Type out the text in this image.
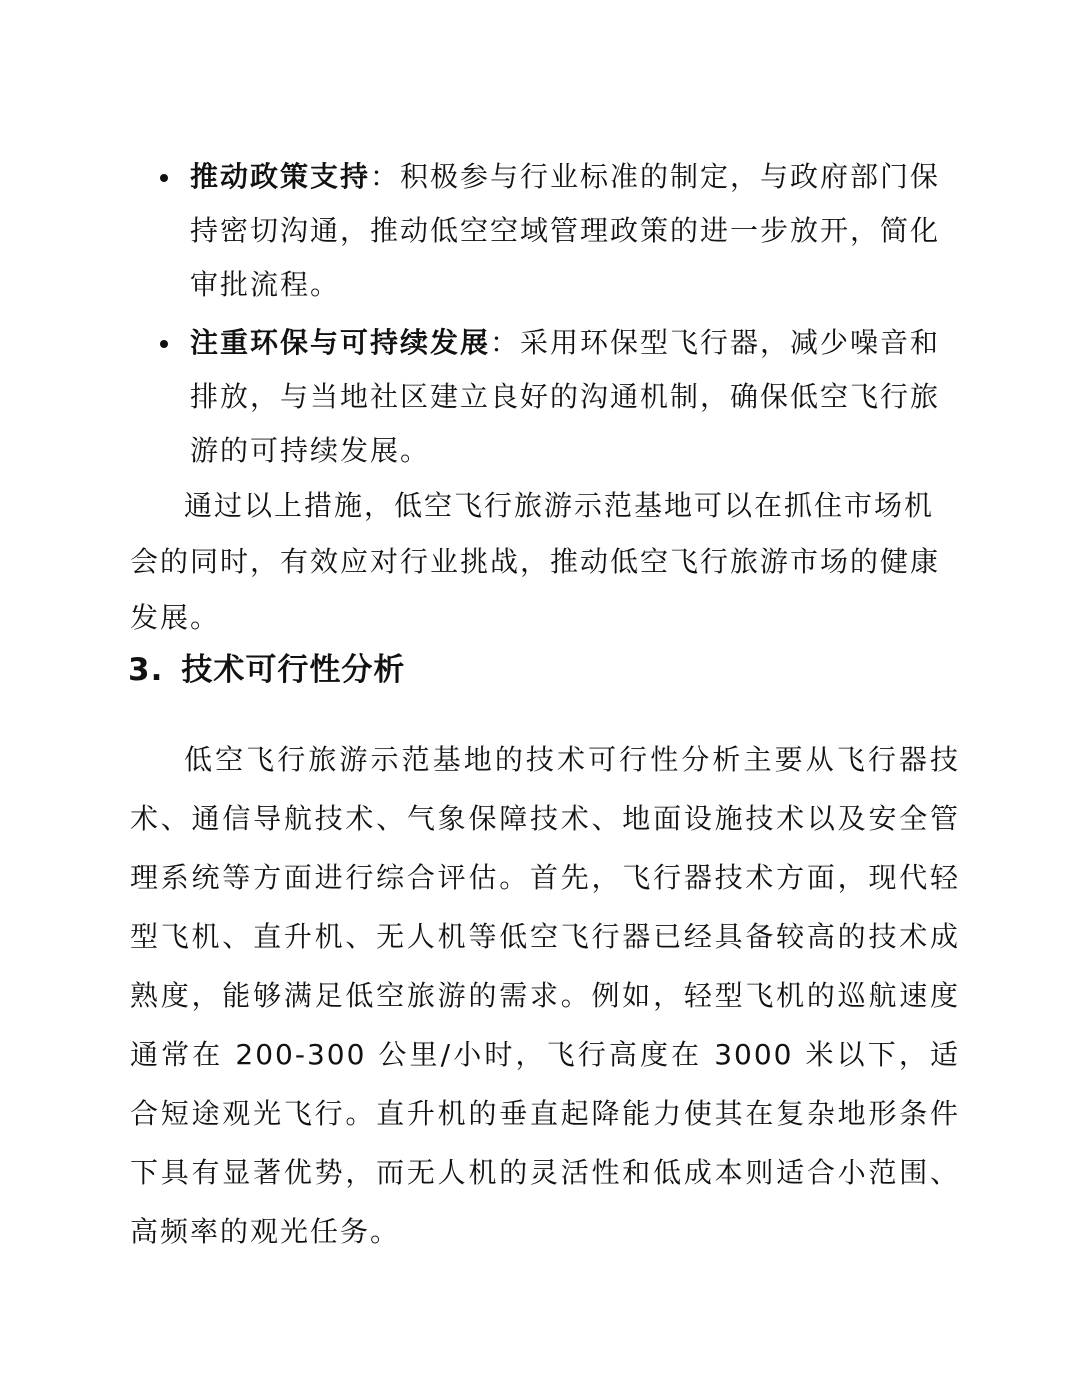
推动政策支持：积极参与行业标准的制定，与政府部门保持密切沟通，推动低空空域管理政策的进一步放开，简化审批流程。
注重环保与可持续发展：采用环保型飞行器，减少噪音和排放，与当地社区建立良好的沟通机制，确保低空飞行旅游的可持续发展。

通过以上措施，低空飞行旅游示范基地可以在抓住市场机会的同时，有效应对行业挑战，推动低空飞行旅游市场的健康发展。

3. 技术可行性分析

低空飞行旅游示范基地的技术可行性分析主要从飞行器技术、通信导航技术、气象保障技术、地面设施技术以及安全管理系统等方面进行综合评估。首先，飞行器技术方面，现代轻型飞机、直升机、无人机等低空飞行器已经具备较高的技术成熟度，能够满足低空旅游的需求。例如，轻型飞机的巡航速度通常在 200-300 公里/小时，飞行高度在 3000 米以下，适合短途观光飞行。直升机的垂直起降能力使其在复杂地形条件下具有显著优势，而无人机的灵活性和低成本则适合小范围、高频率的观光任务。
